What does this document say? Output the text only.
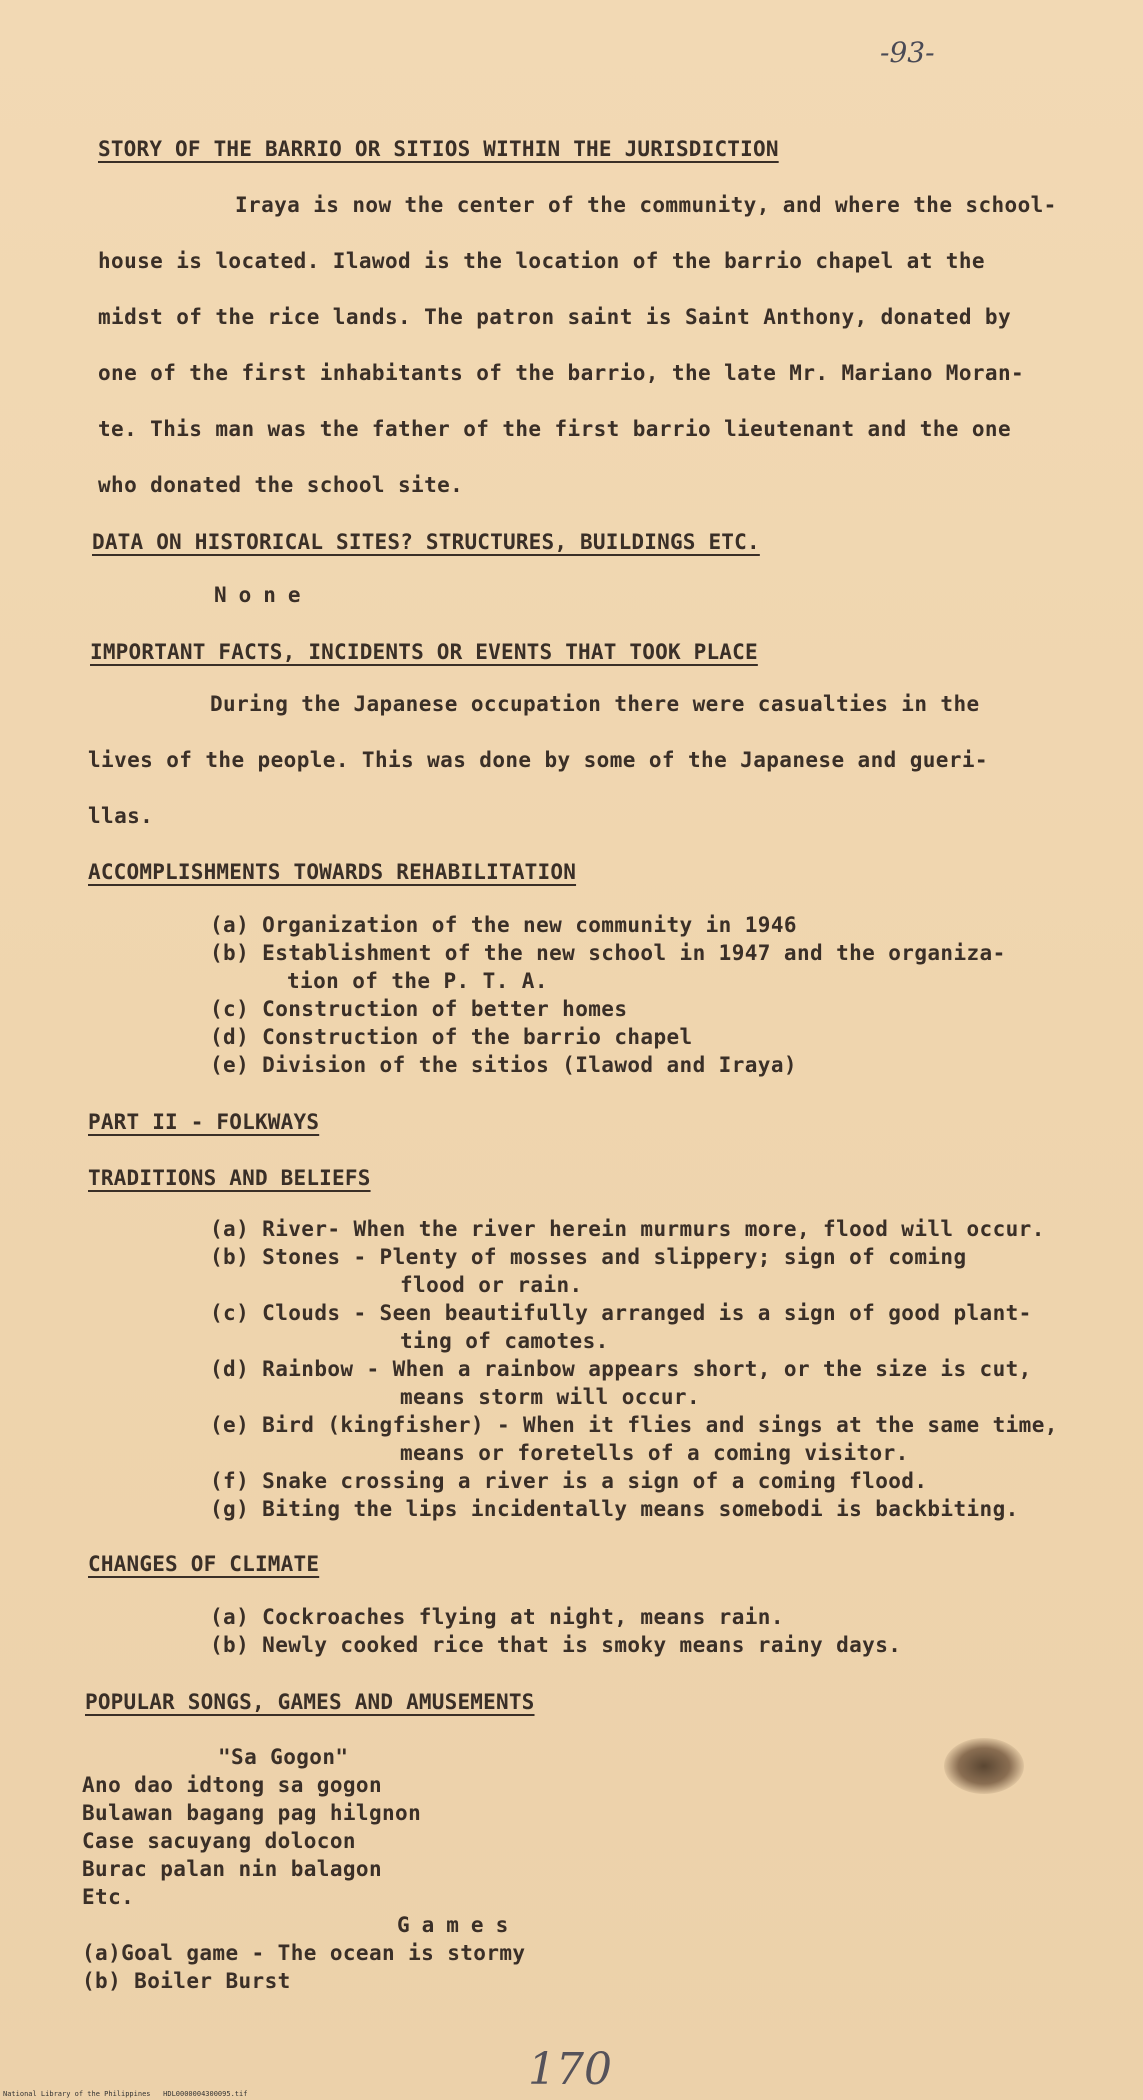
-93-
STORY OF THE BARRIO OR SITIOS WITHIN THE JURISDICTION
Iraya is now the center of the community, and where the school-
house is located. Ilawod is the location of the barrio chapel at the
midst of the rice lands. The patron saint is Saint Anthony, donated by
one of the first inhabitants of the barrio, the late Mr. Mariano Moran-
te. This man was the father of the first barrio lieutenant and the one
who donated the school site.
DATA ON HISTORICAL SITES? STRUCTURES, BUILDINGS ETC.
None
IMPORTANT FACTS, INCIDENTS OR EVENTS THAT TOOK PLACE
During the Japanese occupation there were casualties in the
lives of the people. This was done by some of the Japanese and gueri-
llas.
ACCOMPLISHMENTS TOWARDS REHABILITATION
(a) Organization of the new community in 1946
(b) Establishment of the new school in 1947 and the organiza-
tion of the P. T. A.
(c) Construction of better homes
(d) Construction of the barrio chapel
(e) Division of the sitios (Ilawod and Iraya)
PART II - FOLKWAYS
TRADITIONS AND BELIEFS
(a) River- When the river herein murmurs more, flood will occur.
(b) Stones - Plenty of mosses and slippery; sign of coming
flood or rain.
(c) Clouds - Seen beautifully arranged is a sign of good plant-
ting of camotes.
(d) Rainbow - When a rainbow appears short, or the size is cut,
means storm will occur.
(e) Bird (kingfisher) - When it flies and sings at the same time,
means or foretells of a coming visitor.
(f) Snake crossing a river is a sign of a coming flood.
(g) Biting the lips incidentally means somebodi is backbiting.
CHANGES OF CLIMATE
(a) Cockroaches flying at night, means rain.
(b) Newly cooked rice that is smoky means rainy days.
POPULAR SONGS, GAMES AND AMUSEMENTS
"Sa Gogon"
Ano dao idtong sa gogon
Bulawan bagang pag hilgnon
Case sacuyang dolocon
Burac palan nin balagon
Etc.
Games
(a)Goal game - The ocean is stormy
(b) Boiler Burst
170
National Library of the Philippines   HDL0000004300095.tif
